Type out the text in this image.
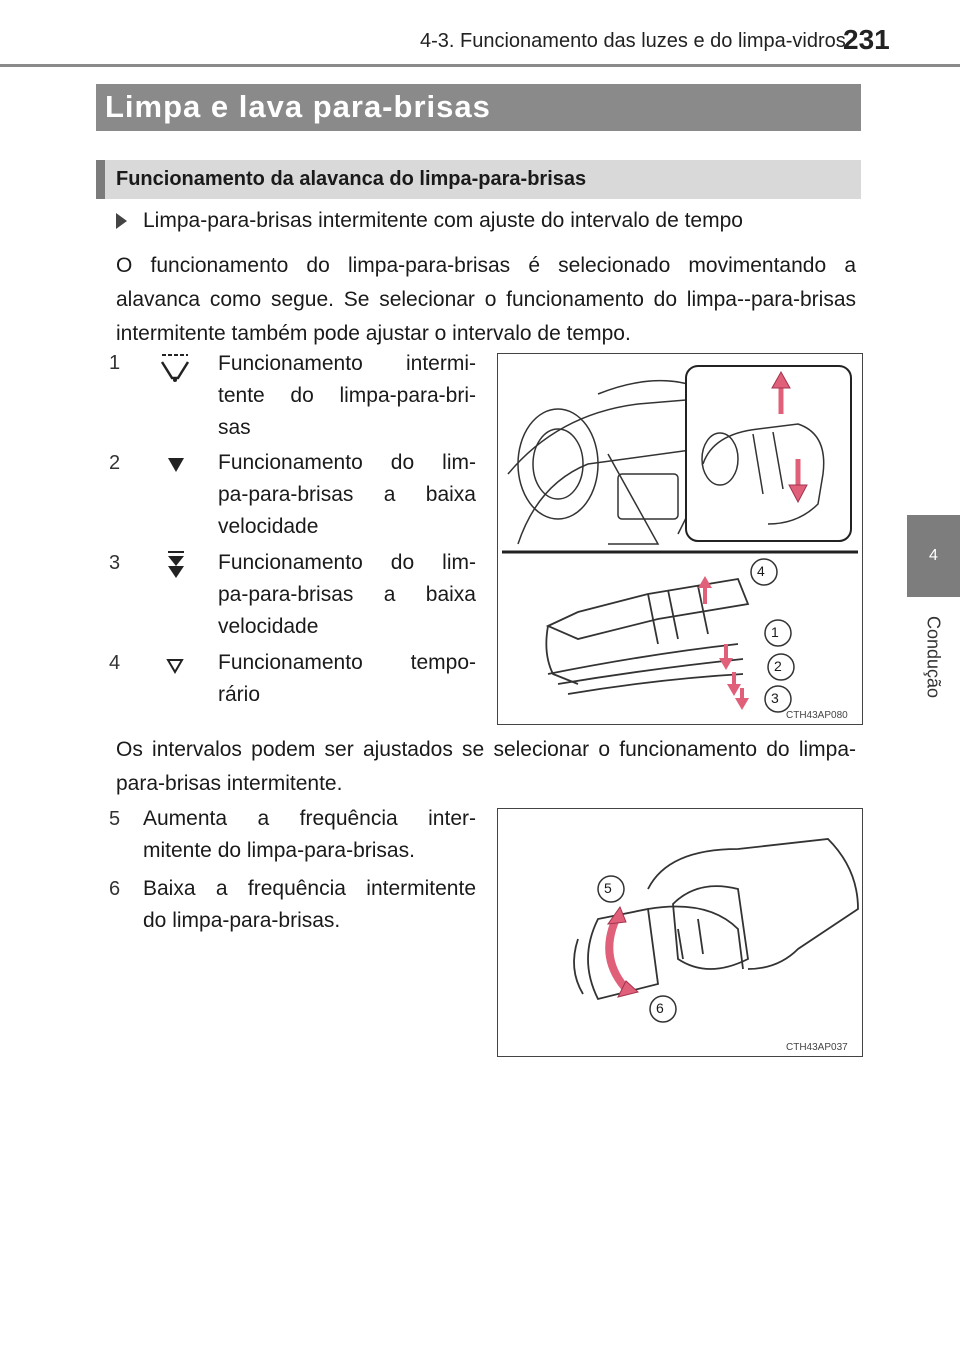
4-3. Funcionamento das luzes e do limpa-vidros
231
4
Condução
Limpa e lava para-brisas
Funcionamento da alavanca do limpa-para-brisas
Limpa-para-brisas intermitente com ajuste do intervalo de tempo
O funcionamento do limpa-para-brisas é selecionado movimentando a alavanca como segue. Se selecionar o funcionamento do limpa--para-brisas intermitente também pode ajustar o intervalo de tempo.
1	Funcionamento intermi-
tente do limpa-para-bri-
sas
2	Funcionamento do lim-
pa-para-brisas a baixa
velocidade
3	Funcionamento do lim-
pa-para-brisas a baixa
velocidade
4	Funcionamento tempo-
rário
4
1
2
3
CTH43AP080
Os intervalos podem ser ajustados se selecionar o funcionamento do limpa-para-brisas intermitente.
5 Aumenta a frequência inter-
mitente do limpa-para-brisas.
6 Baixa a frequência intermitente
do limpa-para-brisas.
5
6
CTH43AP037
